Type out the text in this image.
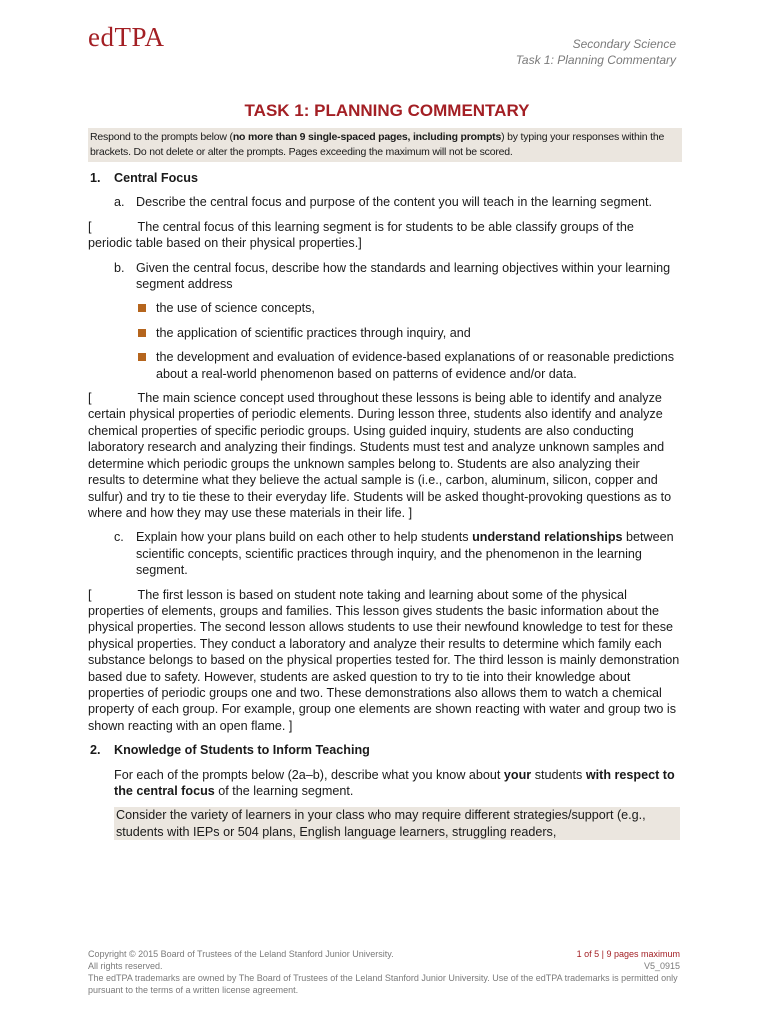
edTPA	Secondary Science
Task 1: Planning Commentary
TASK 1: PLANNING COMMENTARY
Respond to the prompts below (no more than 9 single-spaced pages, including prompts) by typing your responses within the brackets. Do not delete or alter the prompts. Pages exceeding the maximum will not be scored.
1. Central Focus
a. Describe the central focus and purpose of the content you will teach in the learning segment.
[	The central focus of this learning segment is for students to be able classify groups of the periodic table based on their physical properties.]
b. Given the central focus, describe how the standards and learning objectives within your learning segment address
the use of science concepts,
the application of scientific practices through inquiry, and
the development and evaluation of evidence-based explanations of or reasonable predictions about a real-world phenomenon based on patterns of evidence and/or data.
[	The main science concept used throughout these lessons is being able to identify and analyze certain physical properties of periodic elements. During lesson three, students also identify and analyze chemical properties of specific periodic groups. Using guided inquiry, students are also conducting laboratory research and analyzing their findings. Students must test and analyze unknown samples and determine which periodic groups the unknown samples belong to. Students are also analyzing their results to determine what they believe the actual sample is (i.e., carbon, aluminum, silicon, copper and sulfur) and try to tie these to their everyday life. Students will be asked thought-provoking questions as to where and how they may use these materials in their life. ]
c. Explain how your plans build on each other to help students understand relationships between scientific concepts, scientific practices through inquiry, and the phenomenon in the learning segment.
[	The first lesson is based on student note taking and learning about some of the physical properties of elements, groups and families. This lesson gives students the basic information about the physical properties. The second lesson allows students to use their newfound knowledge to test for these physical properties. They conduct a laboratory and analyze their results to determine which family each substance belongs to based on the physical properties tested for. The third lesson is mainly demonstration based due to safety. However, students are asked question to try to tie into their knowledge about properties of periodic groups one and two. These demonstrations also allows them to watch a chemical property of each group. For example, group one elements are shown reacting with water and group two is shown reacting with an open flame. ]
2. Knowledge of Students to Inform Teaching
For each of the prompts below (2a–b), describe what you know about your students with respect to the central focus of the learning segment.
Consider the variety of learners in your class who may require different strategies/support (e.g., students with IEPs or 504 plans, English language learners, struggling readers,
Copyright © 2015 Board of Trustees of the Leland Stanford Junior University.
All rights reserved.
The edTPA trademarks are owned by The Board of Trustees of the Leland Stanford Junior University. Use of the edTPA trademarks is permitted only pursuant to the terms of a written license agreement.
1 of 5 | 9 pages maximum
V5_0915
